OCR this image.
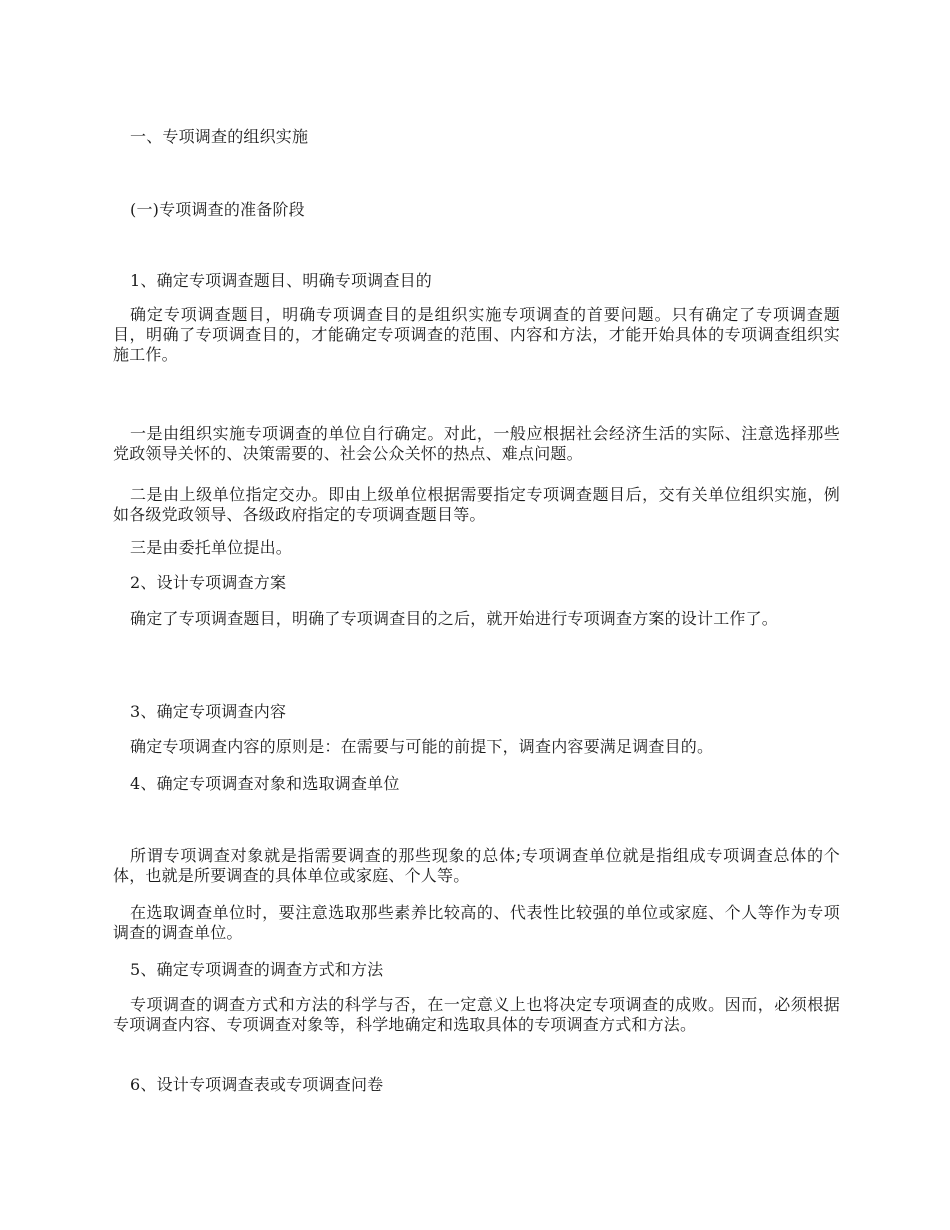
一、专项调查的组织实施

(一)专项调查的准备阶段

1、确定专项调查题目、明确专项调查目的

确定专项调查题目，明确专项调查目的是组织实施专项调查的首要问题。只有确定了专项调查题目，明确了专项调查目的，才能确定专项调查的范围、内容和方法，才能开始具体的专项调查组织实施工作。

一是由组织实施专项调查的单位自行确定。对此，一般应根据社会经济生活的实际、注意选择那些党政领导关怀的、决策需要的、社会公众关怀的热点、难点问题。

二是由上级单位指定交办。即由上级单位根据需要指定专项调查题目后，交有关单位组织实施，例如各级党政领导、各级政府指定的专项调查题目等。

三是由委托单位提出。

2、设计专项调查方案

确定了专项调查题目，明确了专项调查目的之后，就开始进行专项调查方案的设计工作了。

3、确定专项调查内容

确定专项调查内容的原则是：在需要与可能的前提下，调查内容要满足调查目的。

4、确定专项调查对象和选取调查单位

所谓专项调查对象就是指需要调查的那些现象的总体;专项调查单位就是指组成专项调查总体的个体，也就是所要调查的具体单位或家庭、个人等。

在选取调查单位时，要注意选取那些素养比较高的、代表性比较强的单位或家庭、个人等作为专项调查的调查单位。

5、确定专项调查的调查方式和方法

专项调查的调查方式和方法的科学与否，在一定意义上也将决定专项调查的成败。因而，必须根据专项调查内容、专项调查对象等，科学地确定和选取具体的专项调查方式和方法。

6、设计专项调查表或专项调查问卷
